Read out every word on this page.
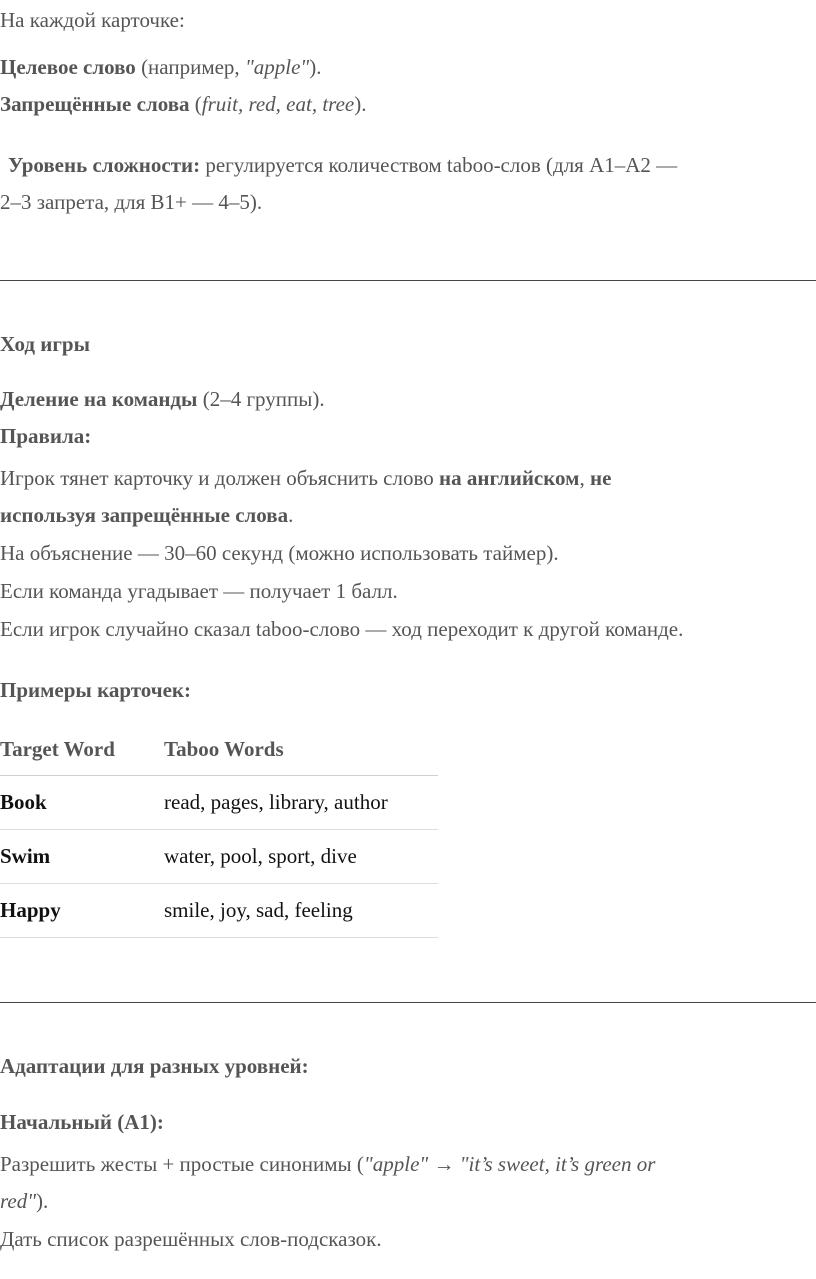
На каждой карточке:

Целевое слово (например, "apple").

Запрещённые слова (fruit, red, eat, tree).

Уровень сложности: регулируется количеством taboo-слов (для A1–A2 —

2–3 запрета, для B1+ — 4–5).

Ход игры

Деление на команды (2–4 группы).

Правила:

Игрок тянет карточку и должен объяснить слово на английском, не

используя запрещённые слова.

На объяснение — 30–60 секунд (можно использовать таймер).

Если команда угадывает — получает 1 балл.

Если игрок случайно сказал taboo-слово — ход переходит к другой команде.

Примеры карточек:

Target Word	Taboo Words
Book	read, pages, library, author
Swim	water, pool, sport, dive
Happy	smile, joy, sad, feeling

Адаптации для разных уровней:

Начальный (A1):

Разрешить жесты + простые синонимы ("apple" → "it’s sweet, it’s green or

red").

Дать список разрешённых слов-подсказок.
